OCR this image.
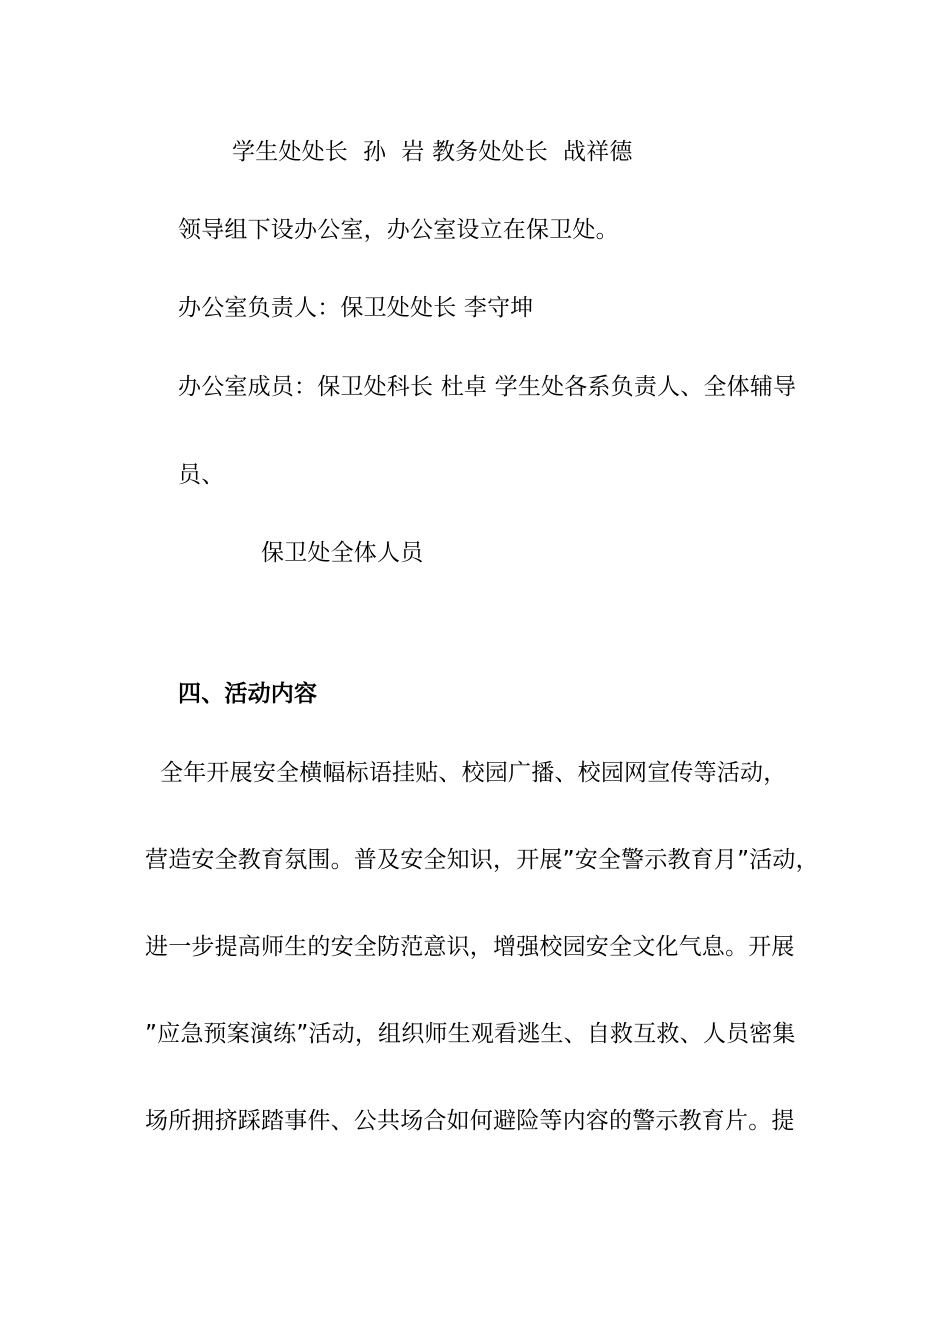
学生处处长  孙  岩 教务处处长  战祥德
领导组下设办公室，办公室设立在保卫处。
办公室负责人：保卫处处长 李守坤
办公室成员：保卫处科长 杜卓 学生处各系负责人、全体辅导
员、
保卫处全体人员
四、活动内容
全年开展安全横幅标语挂贴、校园广播、校园网宣传等活动，
营造安全教育氛围。普及安全知识，开展”安全警示教育月”活动，
进一步提高师生的安全防范意识，增强校园安全文化气息。开展
”应急预案演练”活动，组织师生观看逃生、自救互救、人员密集
场所拥挤踩踏事件、公共场合如何避险等内容的警示教育片。提
